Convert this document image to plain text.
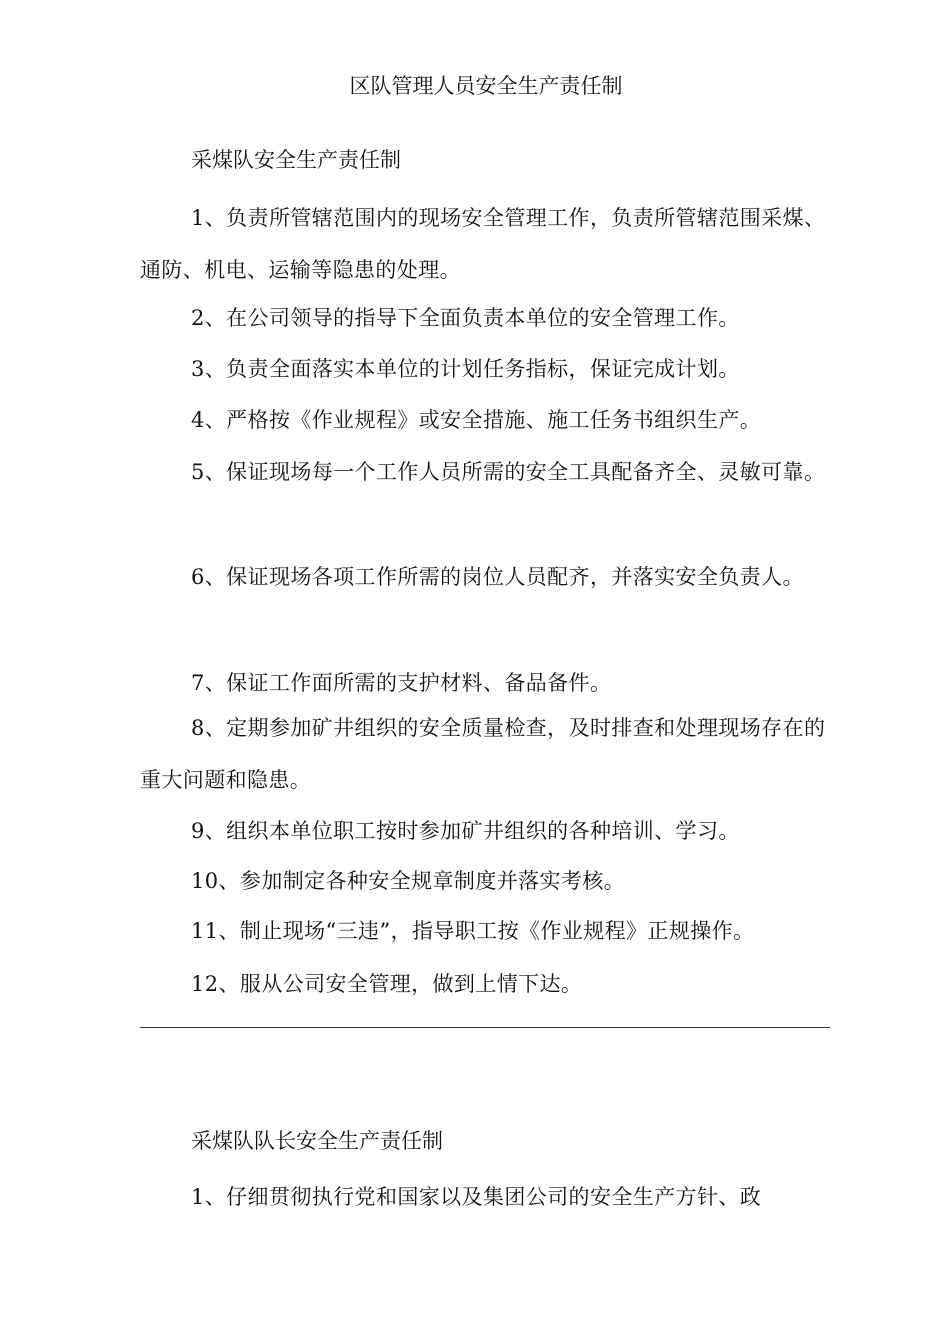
区队管理人员安全生产责任制
采煤队安全生产责任制
1、负责所管辖范围内的现场安全管理工作，负责所管辖范围采煤、通防、机电、运输等隐患的处理。
2、在公司领导的指导下全面负责本单位的安全管理工作。
3、负责全面落实本单位的计划任务指标，保证完成计划。
4、严格按《作业规程》或安全措施、施工任务书组织生产。
5、保证现场每一个工作人员所需的安全工具配备齐全、灵敏可靠。
6、保证现场各项工作所需的岗位人员配齐，并落实安全负责人。
7、保证工作面所需的支护材料、备品备件。
8、定期参加矿井组织的安全质量检查，及时排查和处理现场存在的重大问题和隐患。
9、组织本单位职工按时参加矿井组织的各种培训、学习。
10、参加制定各种安全规章制度并落实考核。
11、制止现场“三违”，指导职工按《作业规程》正规操作。
12、服从公司安全管理，做到上情下达。
采煤队队长安全生产责任制
1、仔细贯彻执行党和国家以及集团公司的安全生产方针、政
